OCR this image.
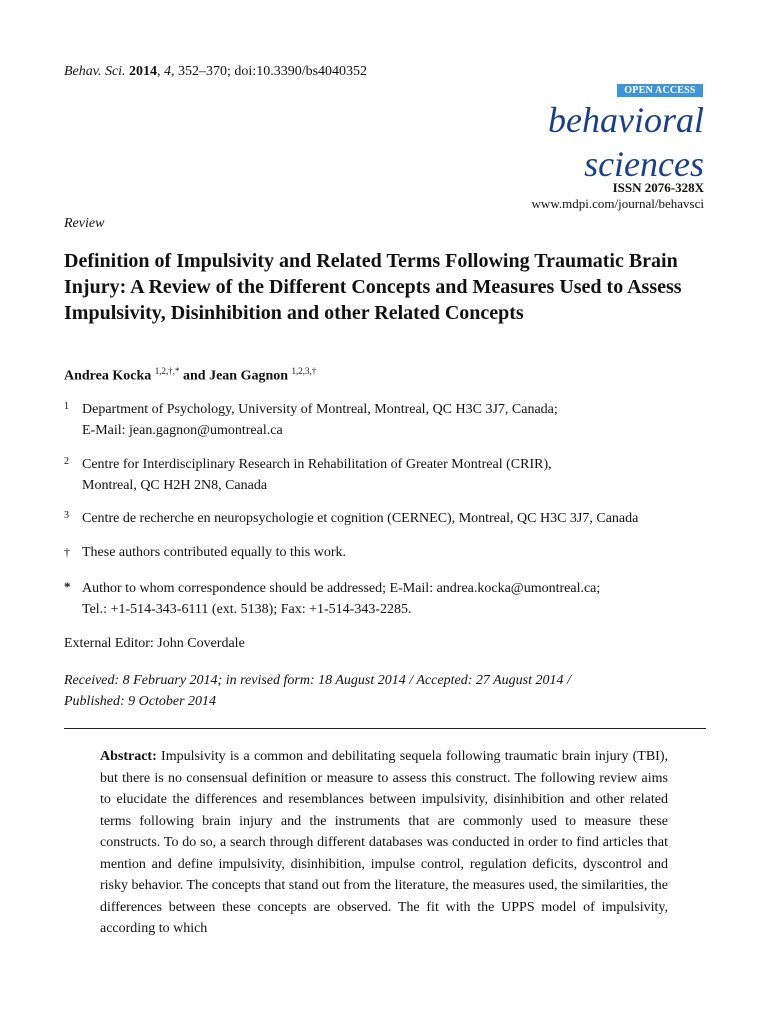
Behav. Sci. 2014, 4, 352–370; doi:10.3390/bs4040352
OPEN ACCESS
behavioral
sciences
ISSN 2076-328X
www.mdpi.com/journal/behavsci
Review
Definition of Impulsivity and Related Terms Following Traumatic Brain Injury: A Review of the Different Concepts and Measures Used to Assess Impulsivity, Disinhibition and other Related Concepts
Andrea Kocka $^{1,2,\dagger,*}$ and Jean Gagnon $^{1,2,3,\dagger}$
1 Department of Psychology, University of Montreal, Montreal, QC H3C 3J7, Canada;
E-Mail: jean.gagnon@umontreal.ca
2 Centre for Interdisciplinary Research in Rehabilitation of Greater Montreal (CRIR),
Montreal, QC H2H 2N8, Canada
3 Centre de recherche en neuropsychologie et cognition (CERNEC), Montreal, QC H3C 3J7, Canada
† These authors contributed equally to this work.
* Author to whom correspondence should be addressed; E-Mail: andrea.kocka@umontreal.ca;
Tel.: +1-514-343-6111 (ext. 5138); Fax: +1-514-343-2285.
External Editor: John Coverdale
Received: 8 February 2014; in revised form: 18 August 2014 / Accepted: 27 August 2014 /
Published: 9 October 2014
Abstract: Impulsivity is a common and debilitating sequela following traumatic brain injury (TBI), but there is no consensual definition or measure to assess this construct. The following review aims to elucidate the differences and resemblances between impulsivity, disinhibition and other related terms following brain injury and the instruments that are commonly used to measure these constructs. To do so, a search through different databases was conducted in order to find articles that mention and define impulsivity, disinhibition, impulse control, regulation deficits, dyscontrol and risky behavior. The concepts that stand out from the literature, the measures used, the similarities, the differences between these concepts are observed. The fit with the UPPS model of impulsivity, according to which
